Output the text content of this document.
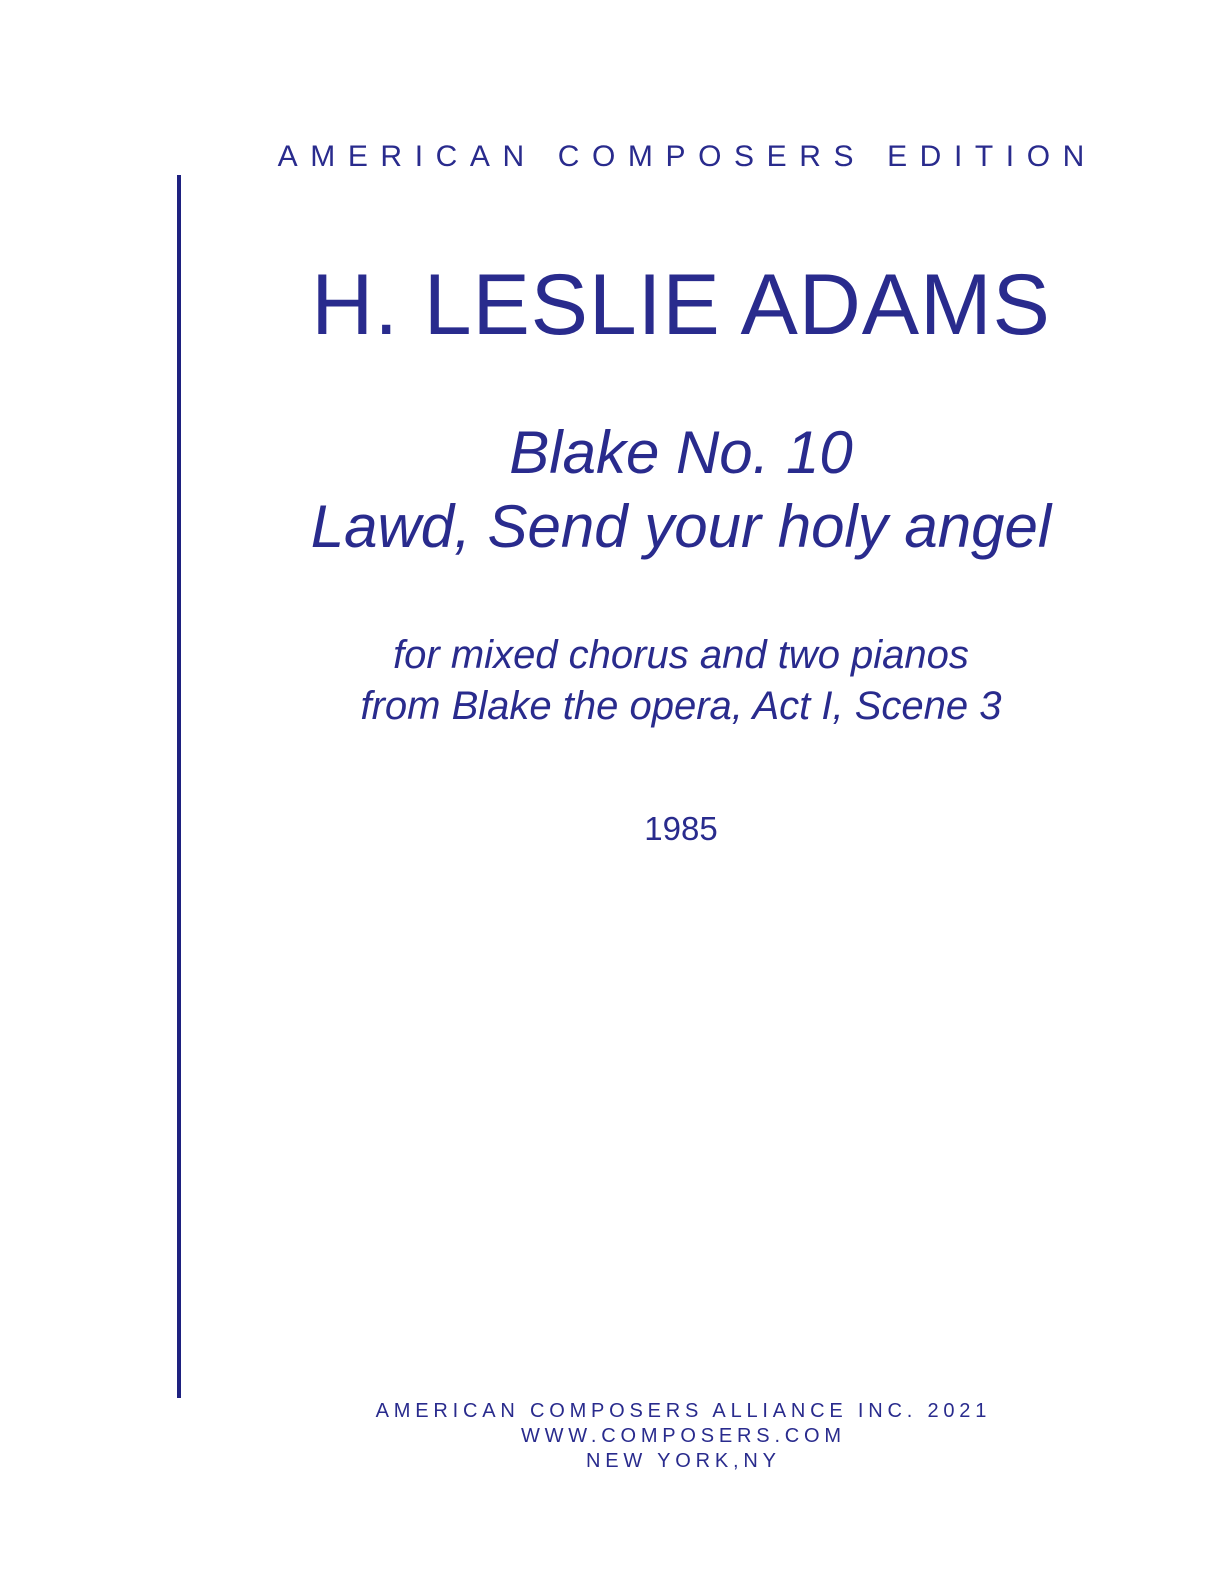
AMERICAN COMPOSERS EDITION
H. LESLIE ADAMS
Blake No. 10
Lawd, Send your holy angel
for mixed chorus and two pianos
from Blake the opera, Act I, Scene 3
1985
AMERICAN COMPOSERS ALLIANCE INC. 2021
WWW.COMPOSERS.COM
NEW YORK,NY
